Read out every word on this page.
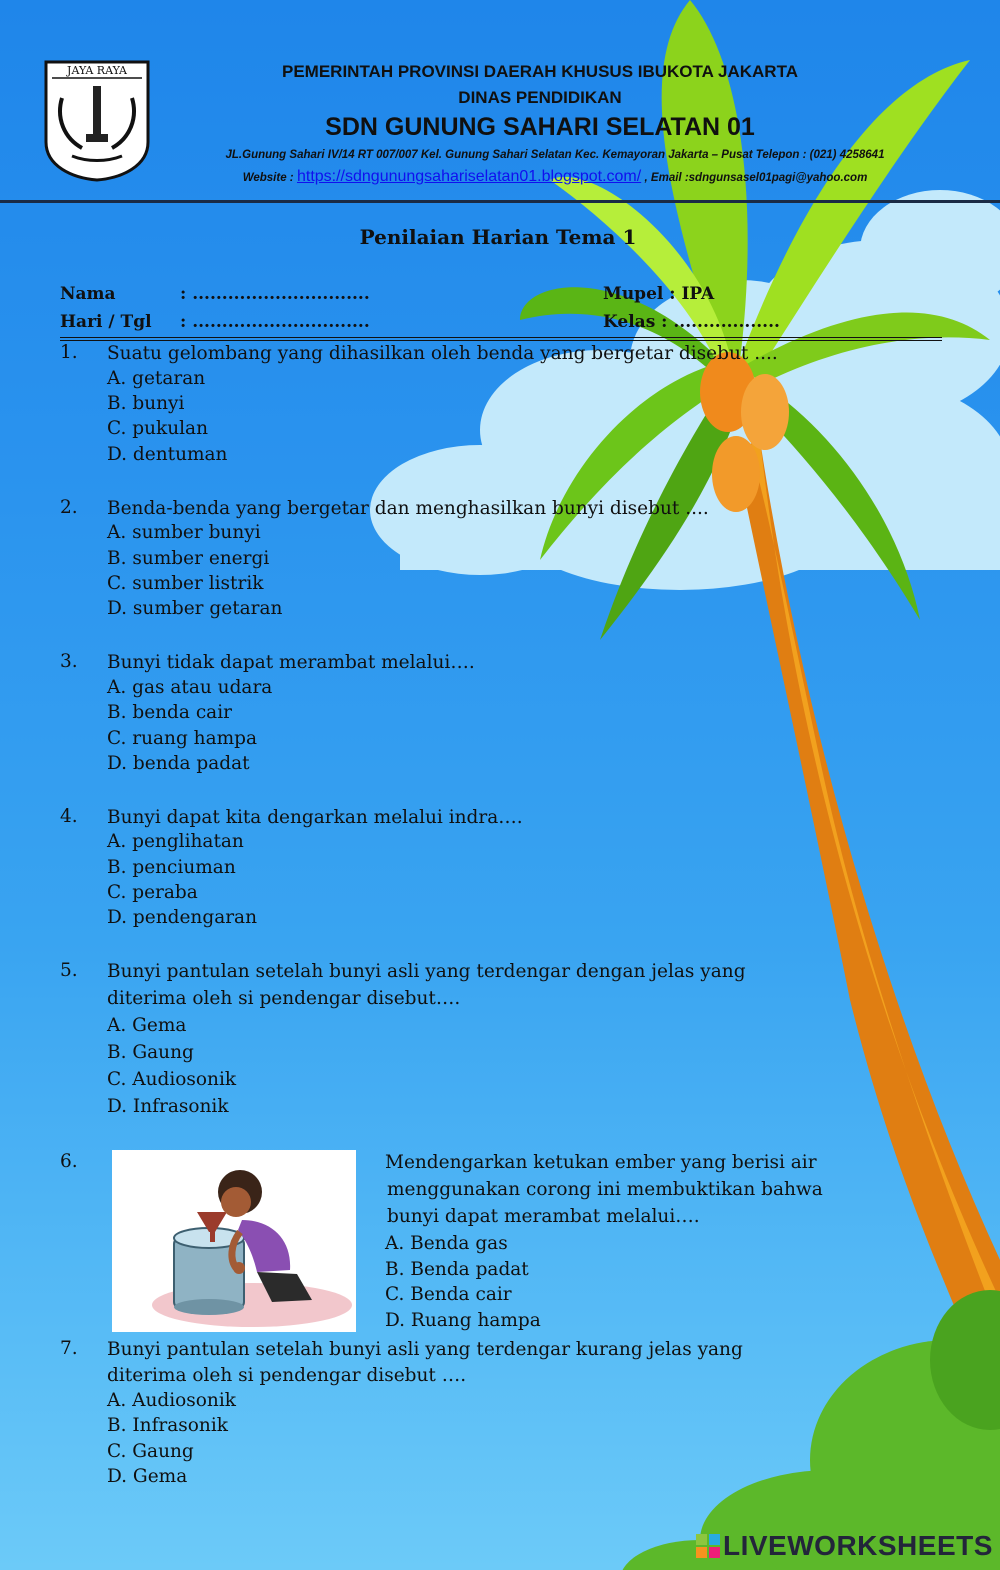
JAYA RAYA	PEMERINTAH PROVINSI DAERAH KHUSUS IBUKOTA JAKARTA
DINAS PENDIDIKAN
SDN GUNUNG SAHARI SELATAN 01
JL.Gunung Sahari IV/14 RT 007/007 Kel. Gunung Sahari Selatan Kec. Kemayoran Jakarta – Pusat Telepon : (021) 4258641
Website : https://sdngunungsahariselatan01.blogspot.com/ , Email :sdngunsasel01pagi@yahoo.com
Penilaian Harian Tema 1
Nama	: ..............................
Hari / Tgl : ..............................
Mupel : IPA
Kelas : ..................
1. Suatu gelombang yang dihasilkan oleh benda yang bergetar disebut ....
A. getaran
B. bunyi
C. pukulan
D. dentuman
2. Benda-benda yang bergetar dan menghasilkan bunyi disebut ....
A. sumber bunyi
B. sumber energi
C. sumber listrik
D. sumber getaran
3. Bunyi tidak dapat merambat melalui….
A. gas atau udara
B. benda cair
C. ruang hampa
D. benda padat
4. Bunyi dapat kita dengarkan melalui indra….
A. penglihatan
B. penciuman
C. peraba
D. pendengaran
5. Bunyi pantulan setelah bunyi asli yang terdengar dengan jelas yang
diterima oleh si pendengar disebut….
A. Gema
B. Gaung
C. Audiosonik
D. Infrasonik
6.	Mendengarkan ketukan ember yang berisi air
menggunakan corong ini membuktikan bahwa
bunyi dapat merambat melalui….
A. Benda gas
B. Benda padat
C. Benda cair
D. Ruang hampa
7. Bunyi pantulan setelah bunyi asli yang terdengar kurang jelas yang
diterima oleh si pendengar disebut ….
A. Audiosonik
B. Infrasonik
C. Gaung
D. Gema
LIVEWORKSHEETS
